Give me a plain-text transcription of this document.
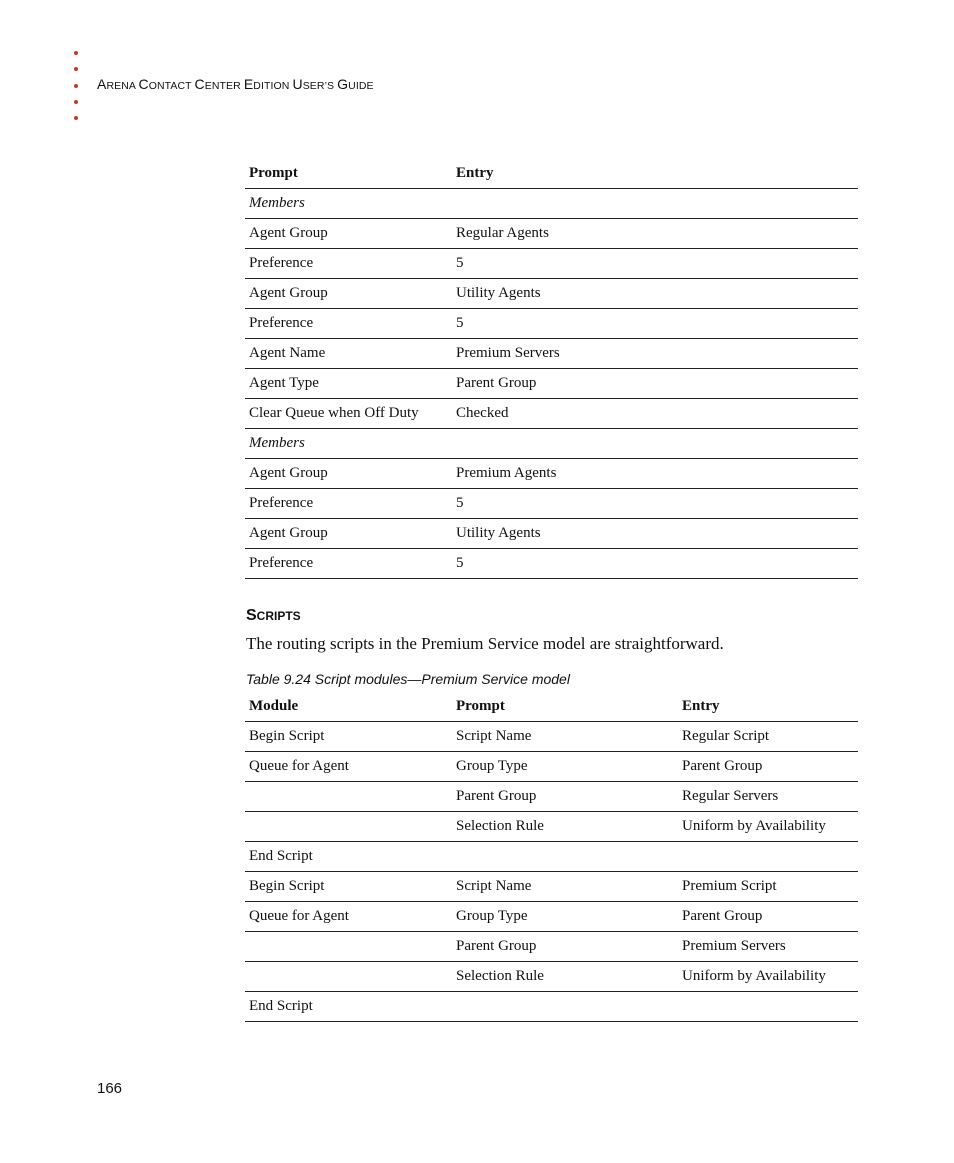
ARENA CONTACT CENTER EDITION USER’S GUIDE
Prompt	Entry
Members	
Agent Group	Regular Agents
Preference	5
Agent Group	Utility Agents
Preference	5
Agent Name	Premium Servers
Agent Type	Parent Group
Clear Queue when Off Duty	Checked
Members	
Agent Group	Premium Agents
Preference	5
Agent Group	Utility Agents
Preference	5
SCRIPTS
The routing scripts in the Premium Service model are straightforward.
Table 9.24 Script modules—Premium Service model
Module	Prompt	Entry
Begin Script	Script Name	Regular Script
Queue for Agent	Group Type	Parent Group
	Parent Group	Regular Servers
	Selection Rule	Uniform by Availability
End Script		
Begin Script	Script Name	Premium Script
Queue for Agent	Group Type	Parent Group
	Parent Group	Premium Servers
	Selection Rule	Uniform by Availability
End Script		
166
